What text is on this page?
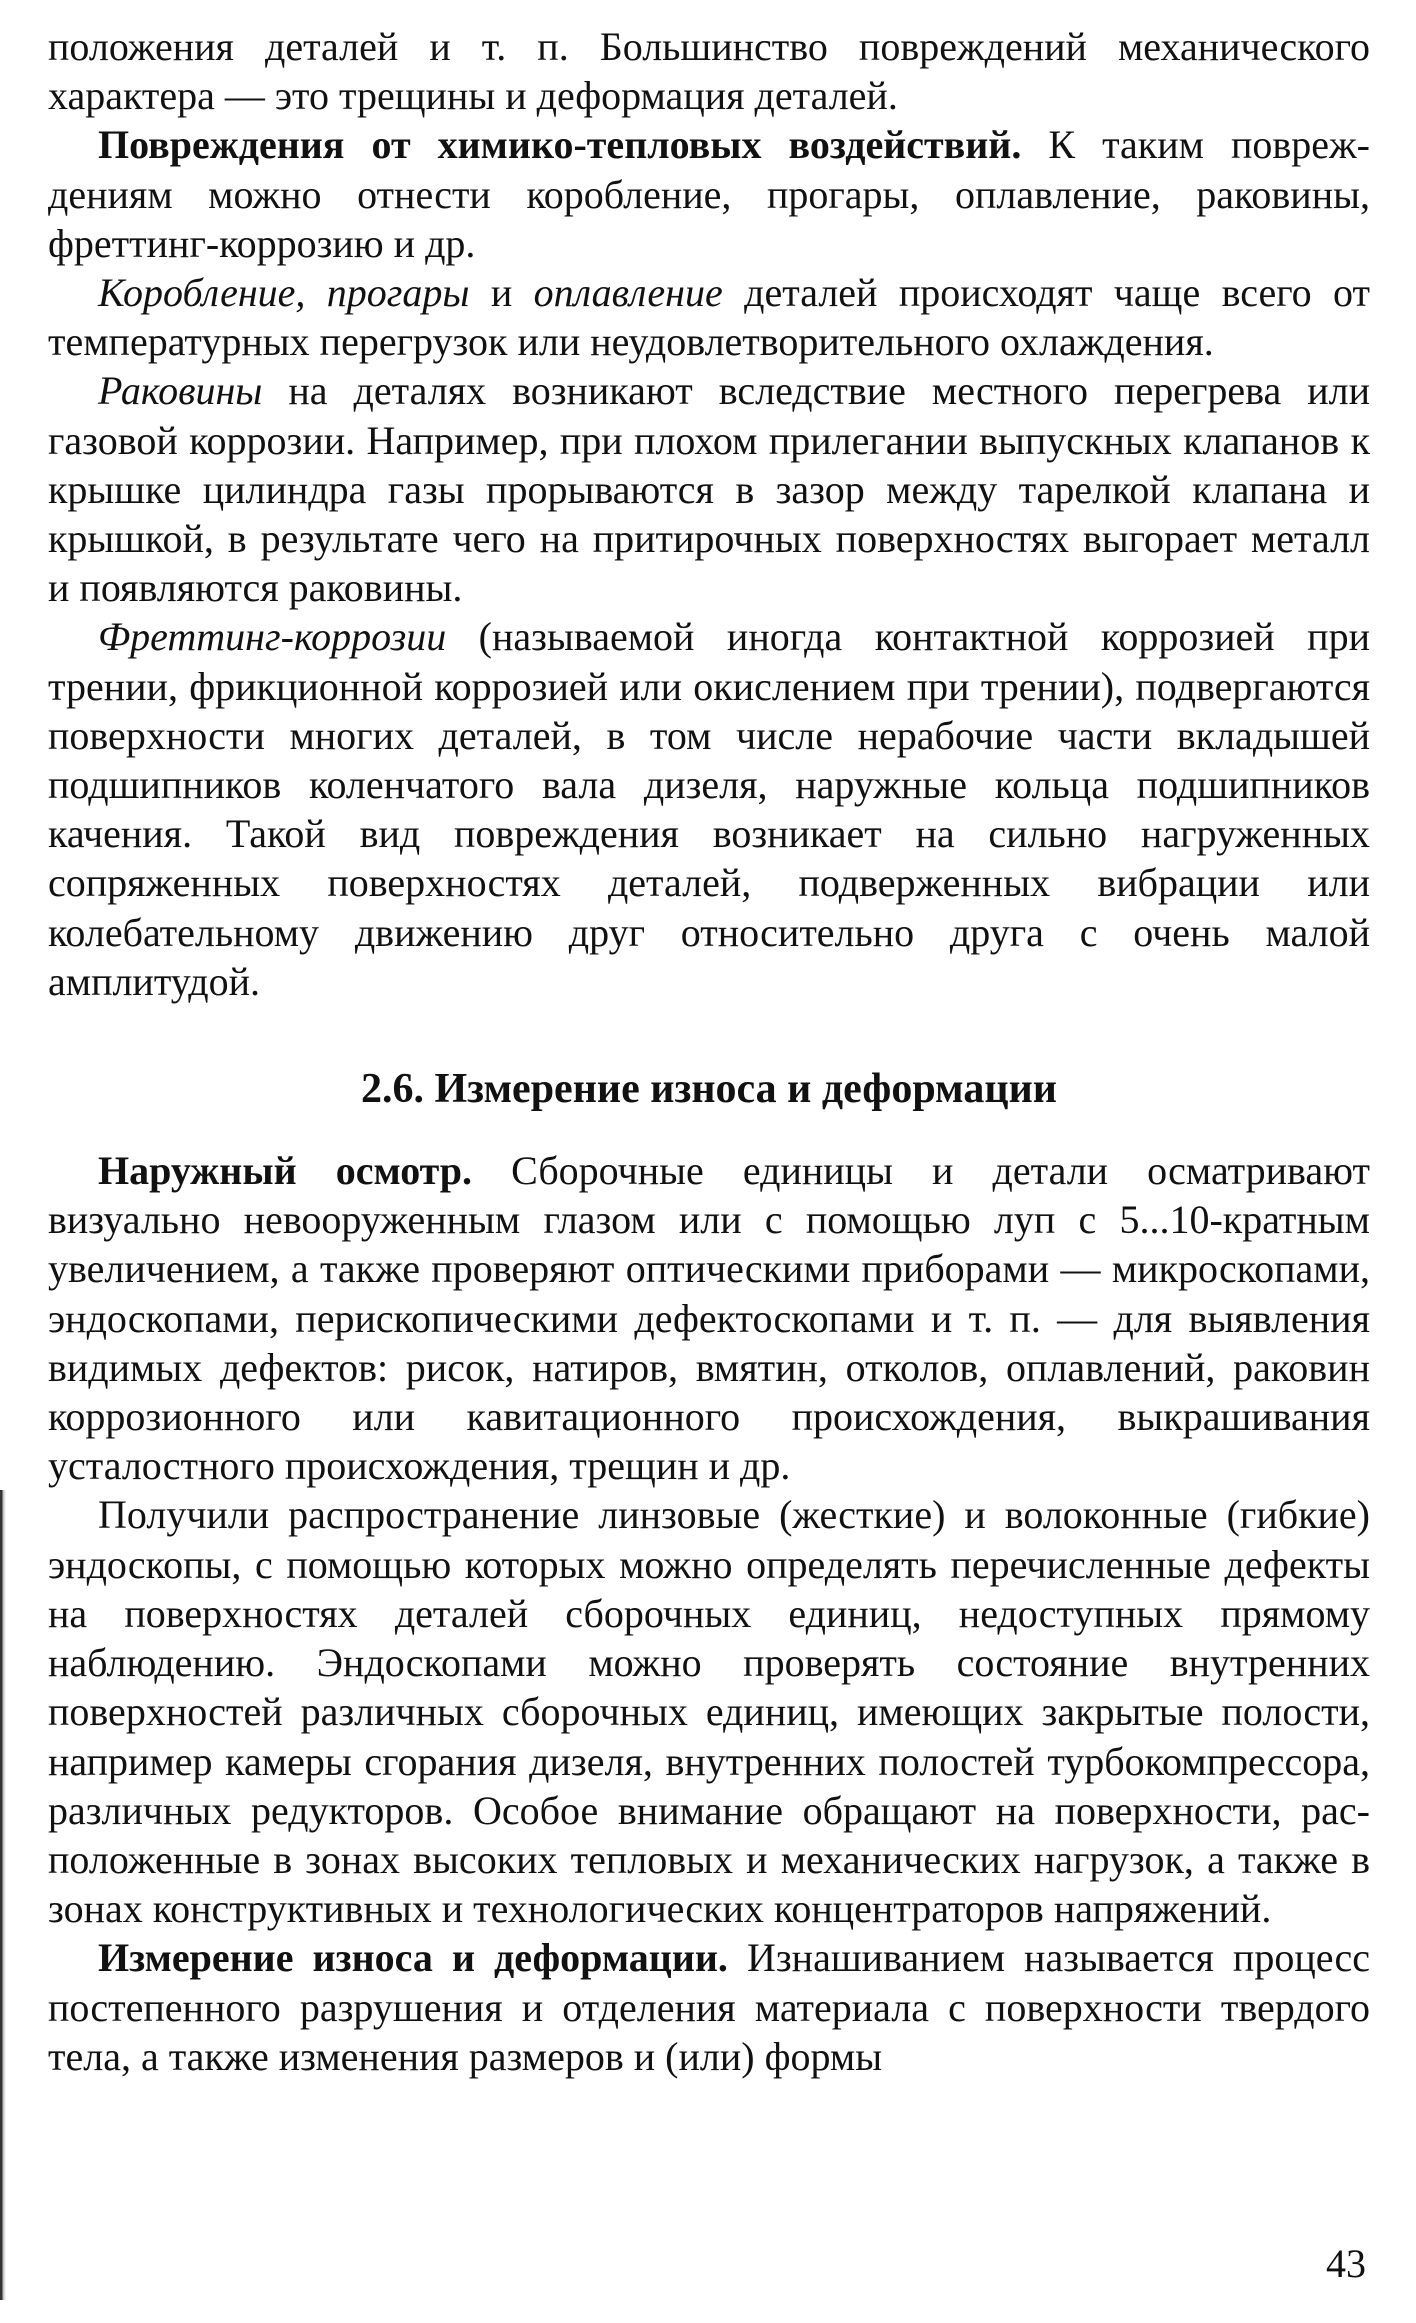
положения деталей и т. п. Большинство повреждений механического характера — это трещины и деформация деталей.

Повреждения от химико-тепловых воздействий. К таким повреждениям можно отнести коробление, прогары, оплавление, раковины, фреттинг-коррозию и др.

Коробление, прогары и оплавление деталей происходят чаще всего от температурных перегрузок или неудовлетворительного охлаждения.

Раковины на деталях возникают вследствие местного перегрева или газовой коррозии. Например, при плохом прилегании выпускных клапанов к крышке цилиндра газы прорываются в зазор между тарелкой клапана и крышкой, в результате чего на притирочных поверхностях выгорает металл и появляются раковины.

Фреттинг-коррозии (называемой иногда контактной коррозией при трении, фрикционной коррозией или окислением при трении), подвергаются поверхности многих деталей, в том числе нерабочие части вкладышей подшипников коленчатого вала дизеля, наружные кольца подшипников качения. Такой вид повреждения возникает на сильно нагруженных сопряженных поверхностях деталей, подверженных вибрации или колебательному движению друг относительно друга с очень малой амплитудой.

2.6. Измерение износа и деформации

Наружный осмотр. Сборочные единицы и детали осматривают визуально невооруженным глазом или с помощью луп с 5...10-кратным увеличением, а также проверяют оптическими приборами — микроскопами, эндоскопами, перископическими дефектоскопами и т. п. — для выявления видимых дефектов: рисок, натиров, вмятин, отколов, оплавлений, раковин коррозионного или кавитационного происхождения, выкрашивания усталостного происхождения, трещин и др.

Получили распространение линзовые (жесткие) и волоконные (гибкие) эндоскопы, с помощью которых можно определять перечисленные дефекты на поверхностях деталей сборочных единиц, недоступных прямому наблюдению. Эндоскопами можно проверять состояние внутренних поверхностей различных сборочных единиц, имеющих закрытые полости, например камеры сгорания дизеля, внутренних полостей турбокомпрессора, различных редукторов. Особое внимание обращают на поверхности, расположенные в зонах высоких тепловых и механических нагрузок, а также в зонах конструктивных и технологических концентраторов напряжений.

Измерение износа и деформации. Изнашиванием называется процесс постепенного разрушения и отделения материала с поверхности твердого тела, а также изменения размеров и (или) формы

43
